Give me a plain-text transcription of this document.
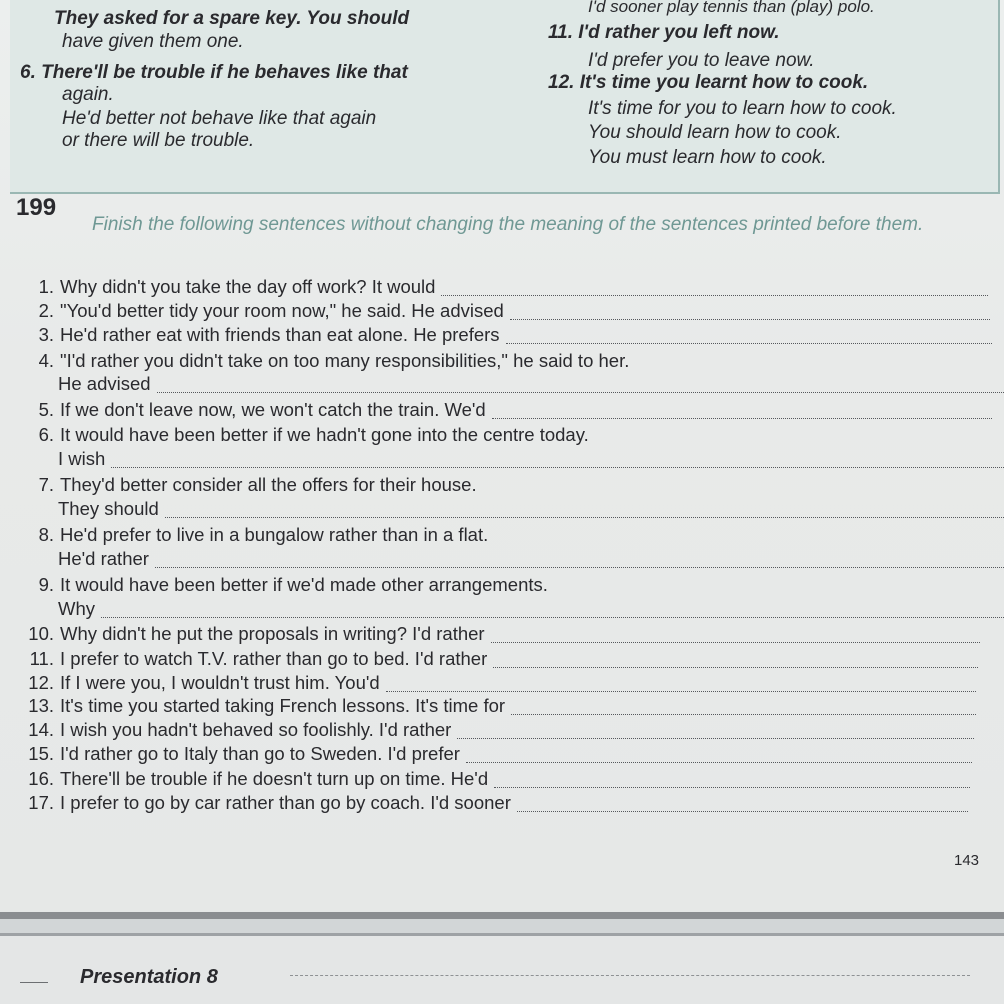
I'd sooner play tennis than (play) polo.
They asked for a spare key. You should
11. I'd rather you left now.
have given them one.
I'd prefer you to leave now.
6. There'll be trouble if he behaves like that	12. It's time you learnt how to cook.
again.
It's time for you to learn how to cook.
He'd better not behave like that again
You should learn how to cook.
or there will be trouble.
You must learn how to cook.
199
Finish the following sentences without changing the meaning of the sentences printed before them.
1. Why didn't you take the day off work? It would
2. "You'd better tidy your room now," he said. He advised
3. He'd rather eat with friends than eat alone. He prefers
4. "I'd rather you didn't take on too many responsibilities," he said to her.
He advised
5. If we don't leave now, we won't catch the train. We'd
6. It would have been better if we hadn't gone into the centre today.
I wish
7. They'd better consider all the offers for their house.
They should
8. He'd prefer to live in a bungalow rather than in a flat.
He'd rather
9. It would have been better if we'd made other arrangements.
Why
10. Why didn't he put the proposals in writing? I'd rather
11. I prefer to watch T.V. rather than go to bed. I'd rather
12. If I were you, I wouldn't trust him. You'd
13. It's time you started taking French lessons. It's time for
14. I wish you hadn't behaved so foolishly. I'd rather
15. I'd rather go to Italy than go to Sweden. I'd prefer
16. There'll be trouble if he doesn't turn up on time. He'd
17. I prefer to go by car rather than go by coach. I'd sooner
143
Presentation 8
